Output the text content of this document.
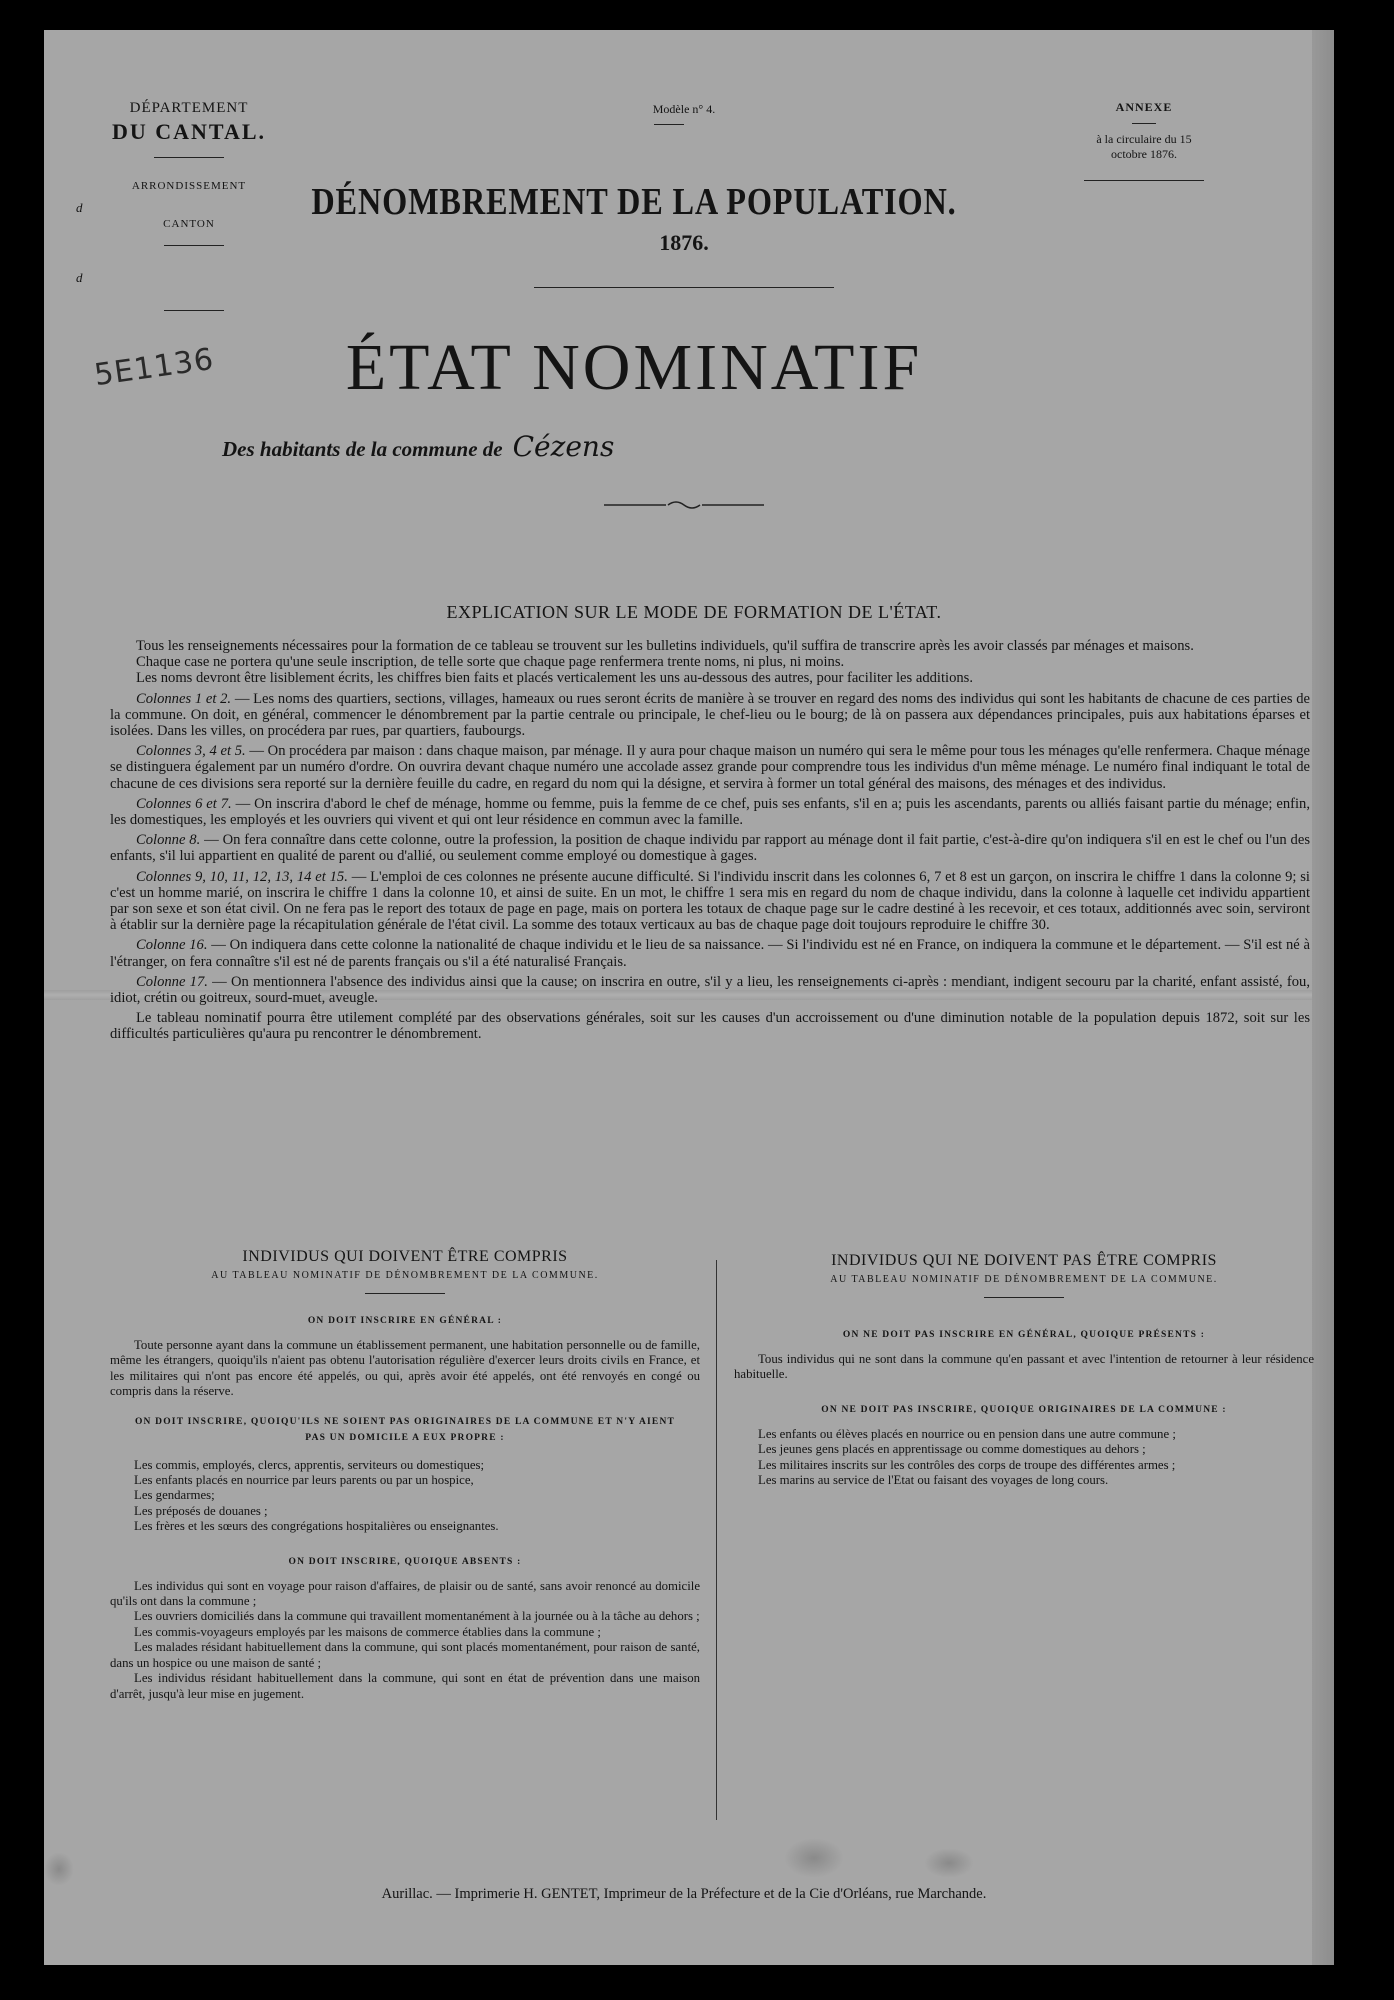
DÉPARTEMENT
DU CANTAL.
ARRONDISSEMENT
CANTON
d
d
Modèle n° 4.	ANNEXE
à la circulaire du 15 octobre 1876.
DÉNOMBREMENT DE LA POPULATION.
1876.
5E1136	ÉTAT NOMINATIF
Des habitants de la commune de Cézens
EXPLICATION SUR LE MODE DE FORMATION DE L'ÉTAT.

Tous les renseignements nécessaires pour la formation de ce tableau se trouvent sur les bulletins individuels, qu'il suffira de transcrire après les avoir classés par ménages et maisons.

Chaque case ne portera qu'une seule inscription, de telle sorte que chaque page renfermera trente noms, ni plus, ni moins.

Les noms devront être lisiblement écrits, les chiffres bien faits et placés verticalement les uns au-dessous des autres, pour faciliter les additions.

Colonnes 1 et 2. — Les noms des quartiers, sections, villages, hameaux ou rues seront écrits de manière à se trouver en regard des noms des individus qui sont les habitants de chacune de ces parties de la commune. On doit, en général, commencer le dénombrement par la partie centrale ou principale, le chef-lieu ou le bourg; de là on passera aux dépendances principales, puis aux habitations éparses et isolées. Dans les villes, on procédera par rues, par quartiers, faubourgs.

Colonnes 3, 4 et 5. — On procédera par maison : dans chaque maison, par ménage. Il y aura pour chaque maison un numéro qui sera le même pour tous les ménages qu'elle renfermera. Chaque ménage se distinguera également par un numéro d'ordre. On ouvrira devant chaque numéro une accolade assez grande pour comprendre tous les individus d'un même ménage. Le numéro final indiquant le total de chacune de ces divisions sera reporté sur la dernière feuille du cadre, en regard du nom qui la désigne, et servira à former un total général des maisons, des ménages et des individus.

Colonnes 6 et 7. — On inscrira d'abord le chef de ménage, homme ou femme, puis la femme de ce chef, puis ses enfants, s'il en a; puis les ascendants, parents ou alliés faisant partie du ménage; enfin, les domestiques, les employés et les ouvriers qui vivent et qui ont leur résidence en commun avec la famille.

Colonne 8. — On fera connaître dans cette colonne, outre la profession, la position de chaque individu par rapport au ménage dont il fait partie, c'est-à-dire qu'on indiquera s'il en est le chef ou l'un des enfants, s'il lui appartient en qualité de parent ou d'allié, ou seulement comme employé ou domestique à gages.

Colonnes 9, 10, 11, 12, 13, 14 et 15. — L'emploi de ces colonnes ne présente aucune difficulté. Si l'individu inscrit dans les colonnes 6, 7 et 8 est un garçon, on inscrira le chiffre 1 dans la colonne 9; si c'est un homme marié, on inscrira le chiffre 1 dans la colonne 10, et ainsi de suite. En un mot, le chiffre 1 sera mis en regard du nom de chaque individu, dans la colonne à laquelle cet individu appartient par son sexe et son état civil. On ne fera pas le report des totaux de page en page, mais on portera les totaux de chaque page sur le cadre destiné à les recevoir, et ces totaux, additionnés avec soin, serviront à établir sur la dernière page la récapitulation générale de l'état civil. La somme des totaux verticaux au bas de chaque page doit toujours reproduire le chiffre 30.

Colonne 16. — On indiquera dans cette colonne la nationalité de chaque individu et le lieu de sa naissance. — Si l'individu est né en France, on indiquera la commune et le département. — S'il est né à l'étranger, on fera connaître s'il est né de parents français ou s'il a été naturalisé Français.

Colonne 17. — On mentionnera l'absence des individus ainsi que la cause; on inscrira en outre, s'il y a lieu, les renseignements ci-après : mendiant, indigent secouru par la charité, enfant assisté, fou, idiot, crétin ou goitreux, sourd-muet, aveugle.

Le tableau nominatif pourra être utilement complété par des observations générales, soit sur les causes d'un accroissement ou d'une diminution notable de la population depuis 1872, soit sur les difficultés particulières qu'aura pu rencontrer le dénombrement.

INDIVIDUS QUI DOIVENT ÊTRE COMPRIS
AU TABLEAU NOMINATIF DE DÉNOMBREMENT DE LA COMMUNE.
ON DOIT INSCRIRE EN GÉNÉRAL :

Toute personne ayant dans la commune un établissement permanent, une habitation personnelle ou de famille, même les étrangers, quoiqu'ils n'aient pas obtenu l'autorisation régulière d'exercer leurs droits civils en France, et les militaires qui n'ont pas encore été appelés, ou qui, après avoir été appelés, ont été renvoyés en congé ou compris dans la réserve.

ON DOIT INSCRIRE, QUOIQU'ILS NE SOIENT PAS ORIGINAIRES DE LA COMMUNE ET N'Y AIENT PAS UN DOMICILE A EUX PROPRE :

Les commis, employés, clercs, apprentis, serviteurs ou domestiques;

Les enfants placés en nourrice par leurs parents ou par un hospice,

Les gendarmes;

Les préposés de douanes ;

Les frères et les sœurs des congrégations hospitalières ou enseignantes.

ON DOIT INSCRIRE, QUOIQUE ABSENTS :

Les individus qui sont en voyage pour raison d'affaires, de plaisir ou de santé, sans avoir renoncé au domicile qu'ils ont dans la commune ;

Les ouvriers domiciliés dans la commune qui travaillent momentanément à la journée ou à la tâche au dehors ;

Les commis-voyageurs employés par les maisons de commerce établies dans la commune ;

Les malades résidant habituellement dans la commune, qui sont placés momentanément, pour raison de santé, dans un hospice ou une maison de santé ;

Les individus résidant habituellement dans la commune, qui sont en état de prévention dans une maison d'arrêt, jusqu'à leur mise en jugement.

INDIVIDUS QUI NE DOIVENT PAS ÊTRE COMPRIS
AU TABLEAU NOMINATIF DE DÉNOMBREMENT DE LA COMMUNE.
ON NE DOIT PAS INSCRIRE EN GÉNÉRAL, QUOIQUE PRÉSENTS :

Tous individus qui ne sont dans la commune qu'en passant et avec l'intention de retourner à leur résidence habituelle.

ON NE DOIT PAS INSCRIRE, QUOIQUE ORIGINAIRES DE LA COMMUNE :

Les enfants ou élèves placés en nourrice ou en pension dans une autre commune ;

Les jeunes gens placés en apprentissage ou comme domestiques au dehors ;

Les militaires inscrits sur les contrôles des corps de troupe des différentes armes ;

Les marins au service de l'Etat ou faisant des voyages de long cours.

Aurillac. — Imprimerie H. GENTET, Imprimeur de la Préfecture et de la Cie d'Orléans, rue Marchande.
